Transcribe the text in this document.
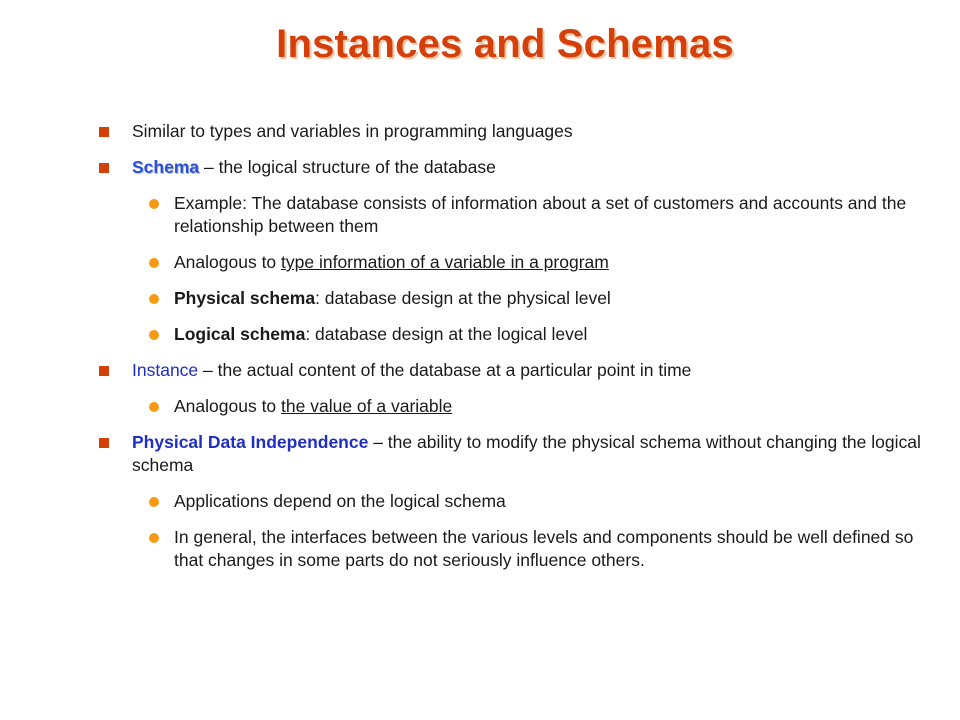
Instances and Schemas
Similar to types and variables in programming languages
Schema – the logical structure of the database
Example: The database consists of information about a set of customers and accounts and the relationship between them
Analogous to type information of a variable in a program
Physical schema: database design at the physical level
Logical schema: database design at the logical level
Instance – the actual content of the database at a particular point in time
Analogous to the value of a variable
Physical Data Independence – the ability to modify the physical schema without changing the logical schema
Applications depend on the logical schema
In general, the interfaces between the various levels and components should be well defined so that changes in some parts do not seriously influence others.
